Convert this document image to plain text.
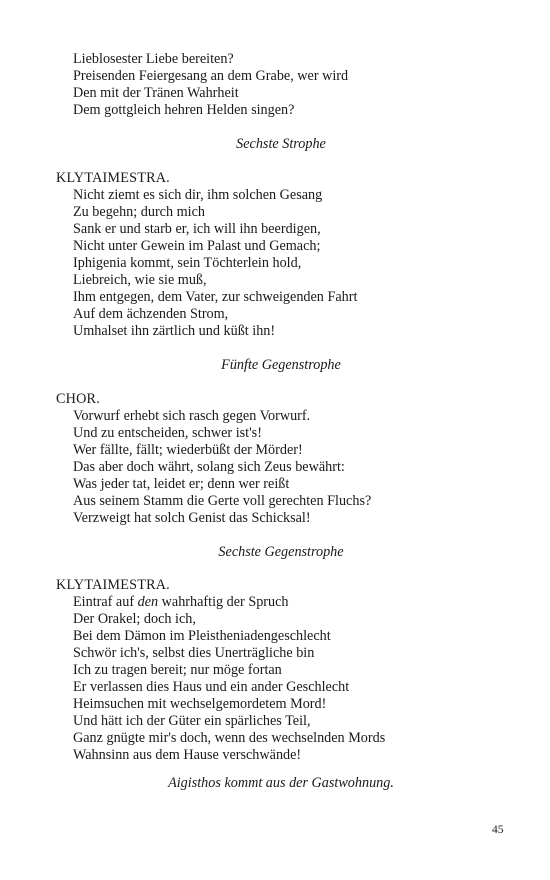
Lieblosester Liebe bereiten?
Preisenden Feiergesang an dem Grabe, wer wird
Den mit der Tränen Wahrheit
Dem gottgleich hehren Helden singen?
Sechste Strophe
KLYTAIMESTRA.
Nicht ziemt es sich dir, ihm solchen Gesang
Zu begehn; durch mich
Sank er und starb er, ich will ihn beerdigen,
Nicht unter Gewein im Palast und Gemach;
Iphigenia kommt, sein Töchterlein hold,
Liebreich, wie sie muß,
Ihm entgegen, dem Vater, zur schweigenden Fahrt
Auf dem ächzenden Strom,
Umhalset ihn zärtlich und küßt ihn!
Fünfte Gegenstrophe
CHOR.
Vorwurf erhebt sich rasch gegen Vorwurf.
Und zu entscheiden, schwer ist's!
Wer fällte, fällt; wiederbüßt der Mörder!
Das aber doch währt, solang sich Zeus bewährt:
Was jeder tat, leidet er; denn wer reißt
Aus seinem Stamm die Gerte voll gerechten Fluchs?
Verzweigt hat solch Genist das Schicksal!
Sechste Gegenstrophe
KLYTAIMESTRA.
Eintraf auf den wahrhaftig der Spruch
Der Orakel; doch ich,
Bei dem Dämon im Pleistheniadengeschlecht
Schwör ich's, selbst dies Unerträgliche bin
Ich zu tragen bereit; nur möge fortan
Er verlassen dies Haus und ein ander Geschlecht
Heimsuchen mit wechselgemordetem Mord!
Und hätt ich der Güter ein spärliches Teil,
Ganz gnügte mir's doch, wenn des wechselnden Mords
Wahnsinn aus dem Hause verschwände!
Aigisthos kommt aus der Gastwohnung.
45
